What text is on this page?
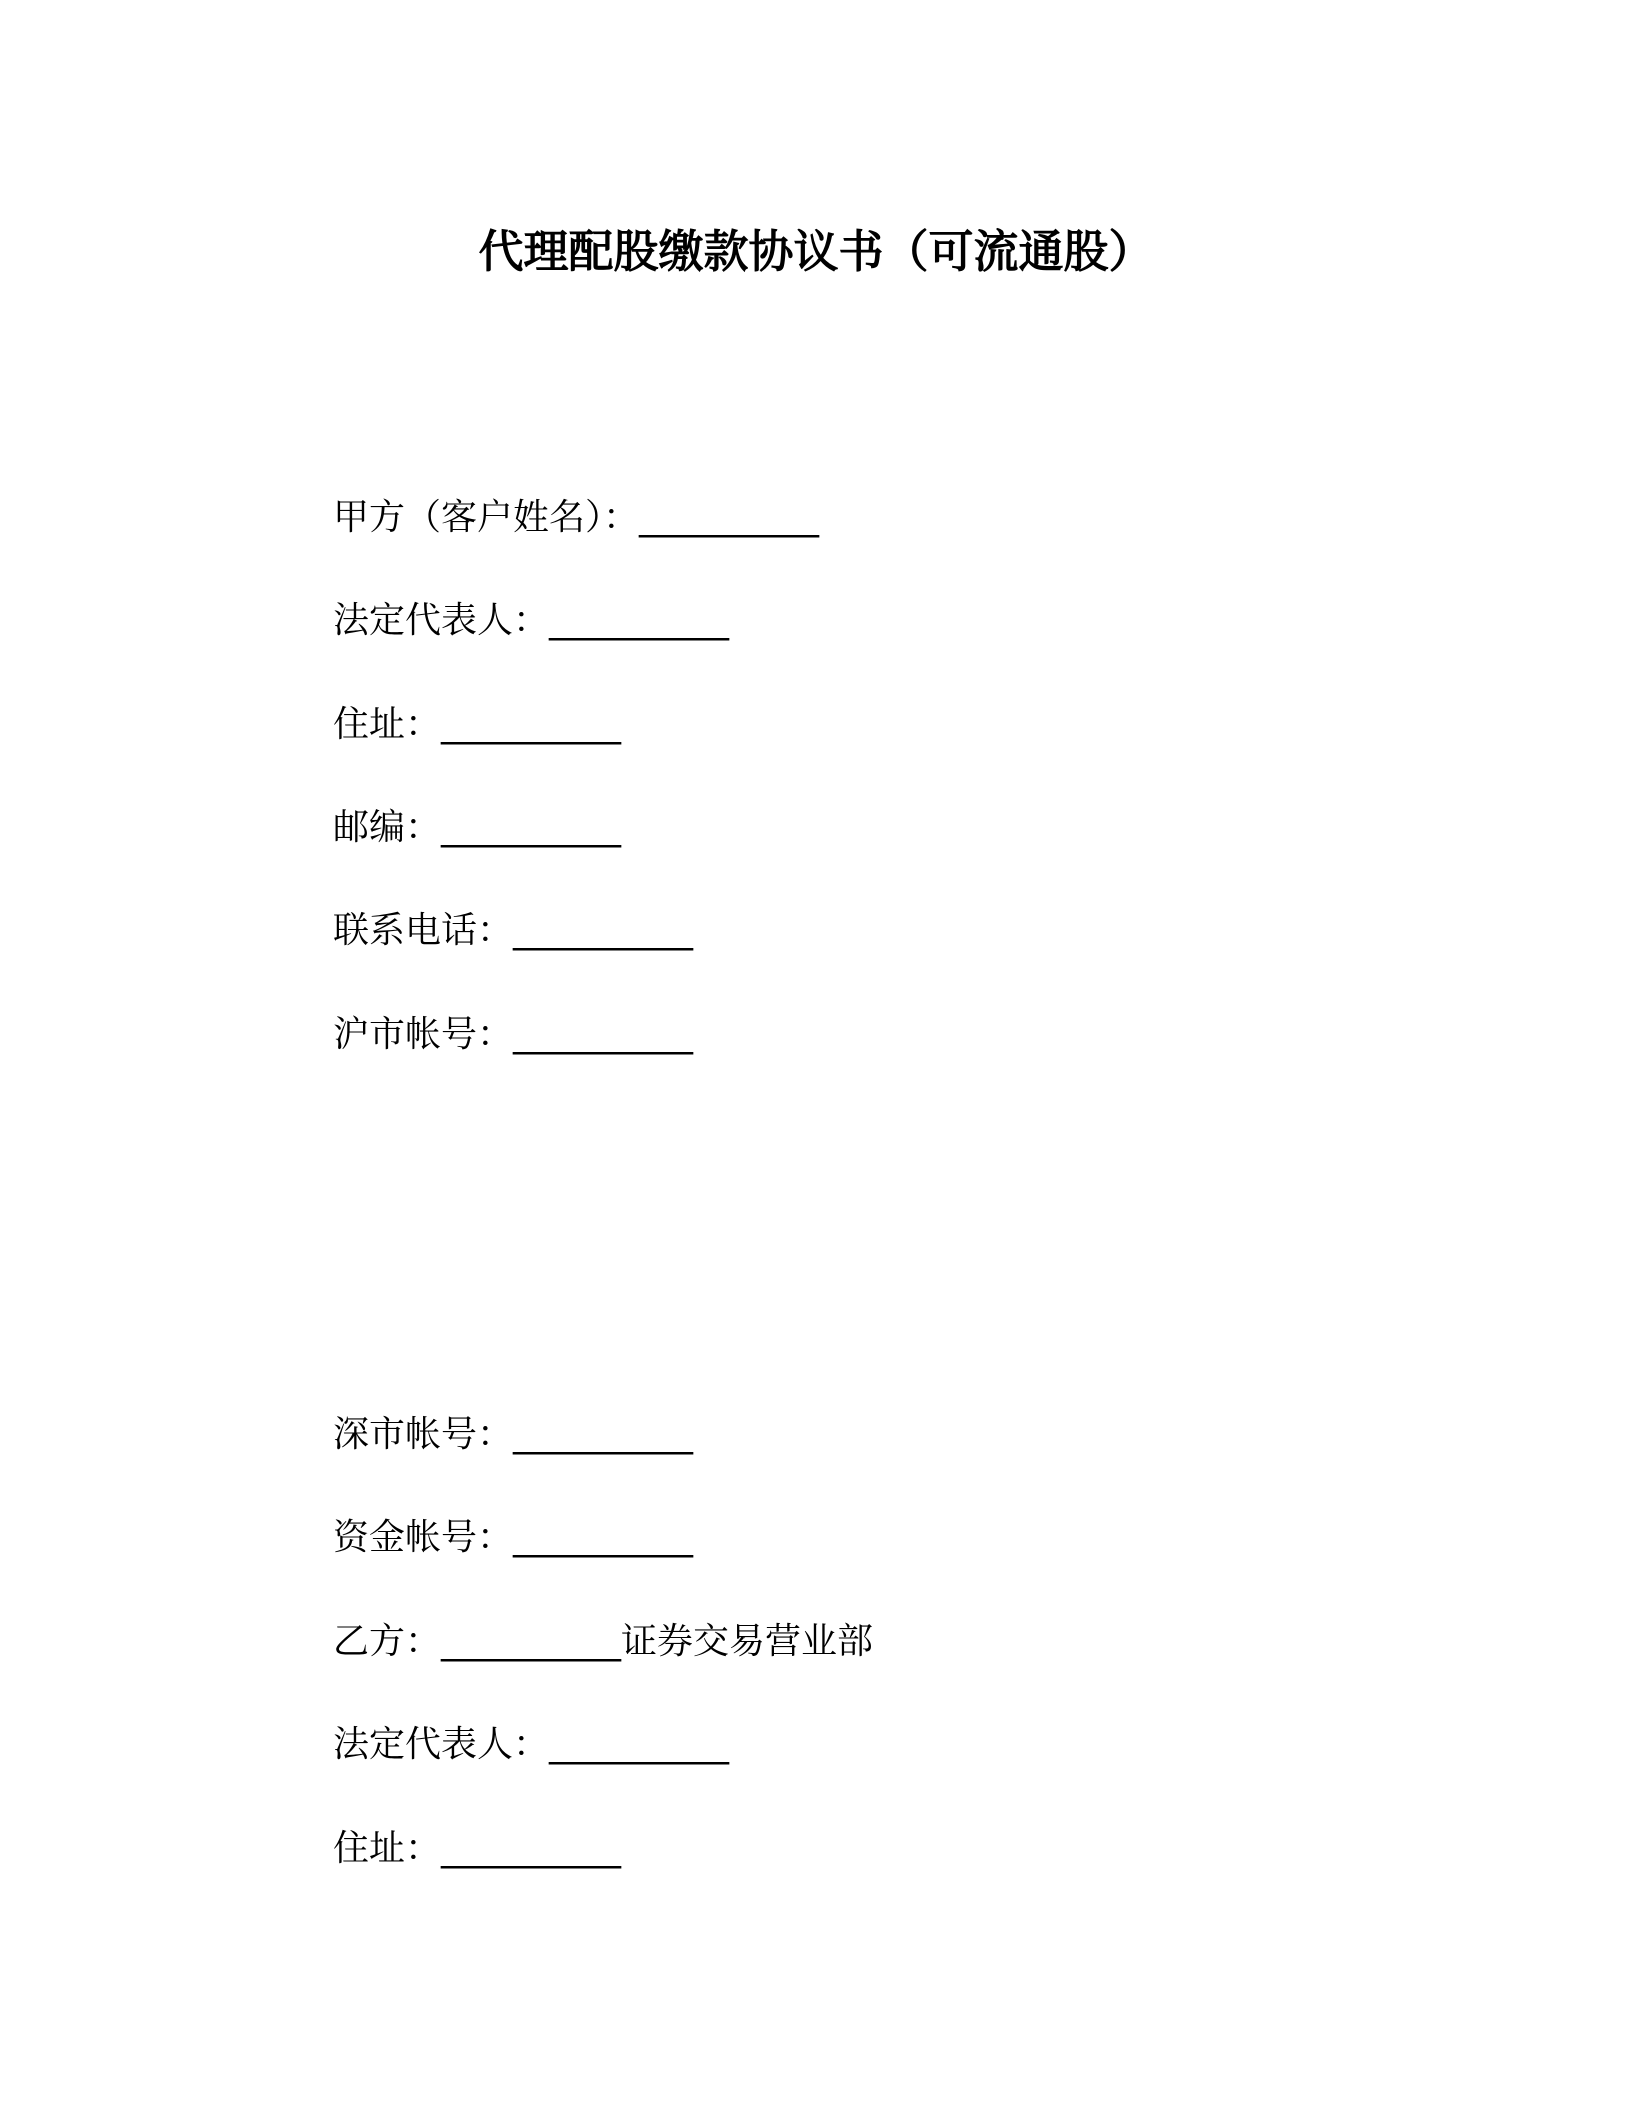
代理配股缴款协议书（可流通股）
甲方（客户姓名）：__________
法定代表人：__________
住址：__________
邮编：__________
联系电话：__________
沪市帐号：__________
深市帐号：__________
资金帐号：__________
乙方：__________证券交易营业部
法定代表人：__________
住址：__________
